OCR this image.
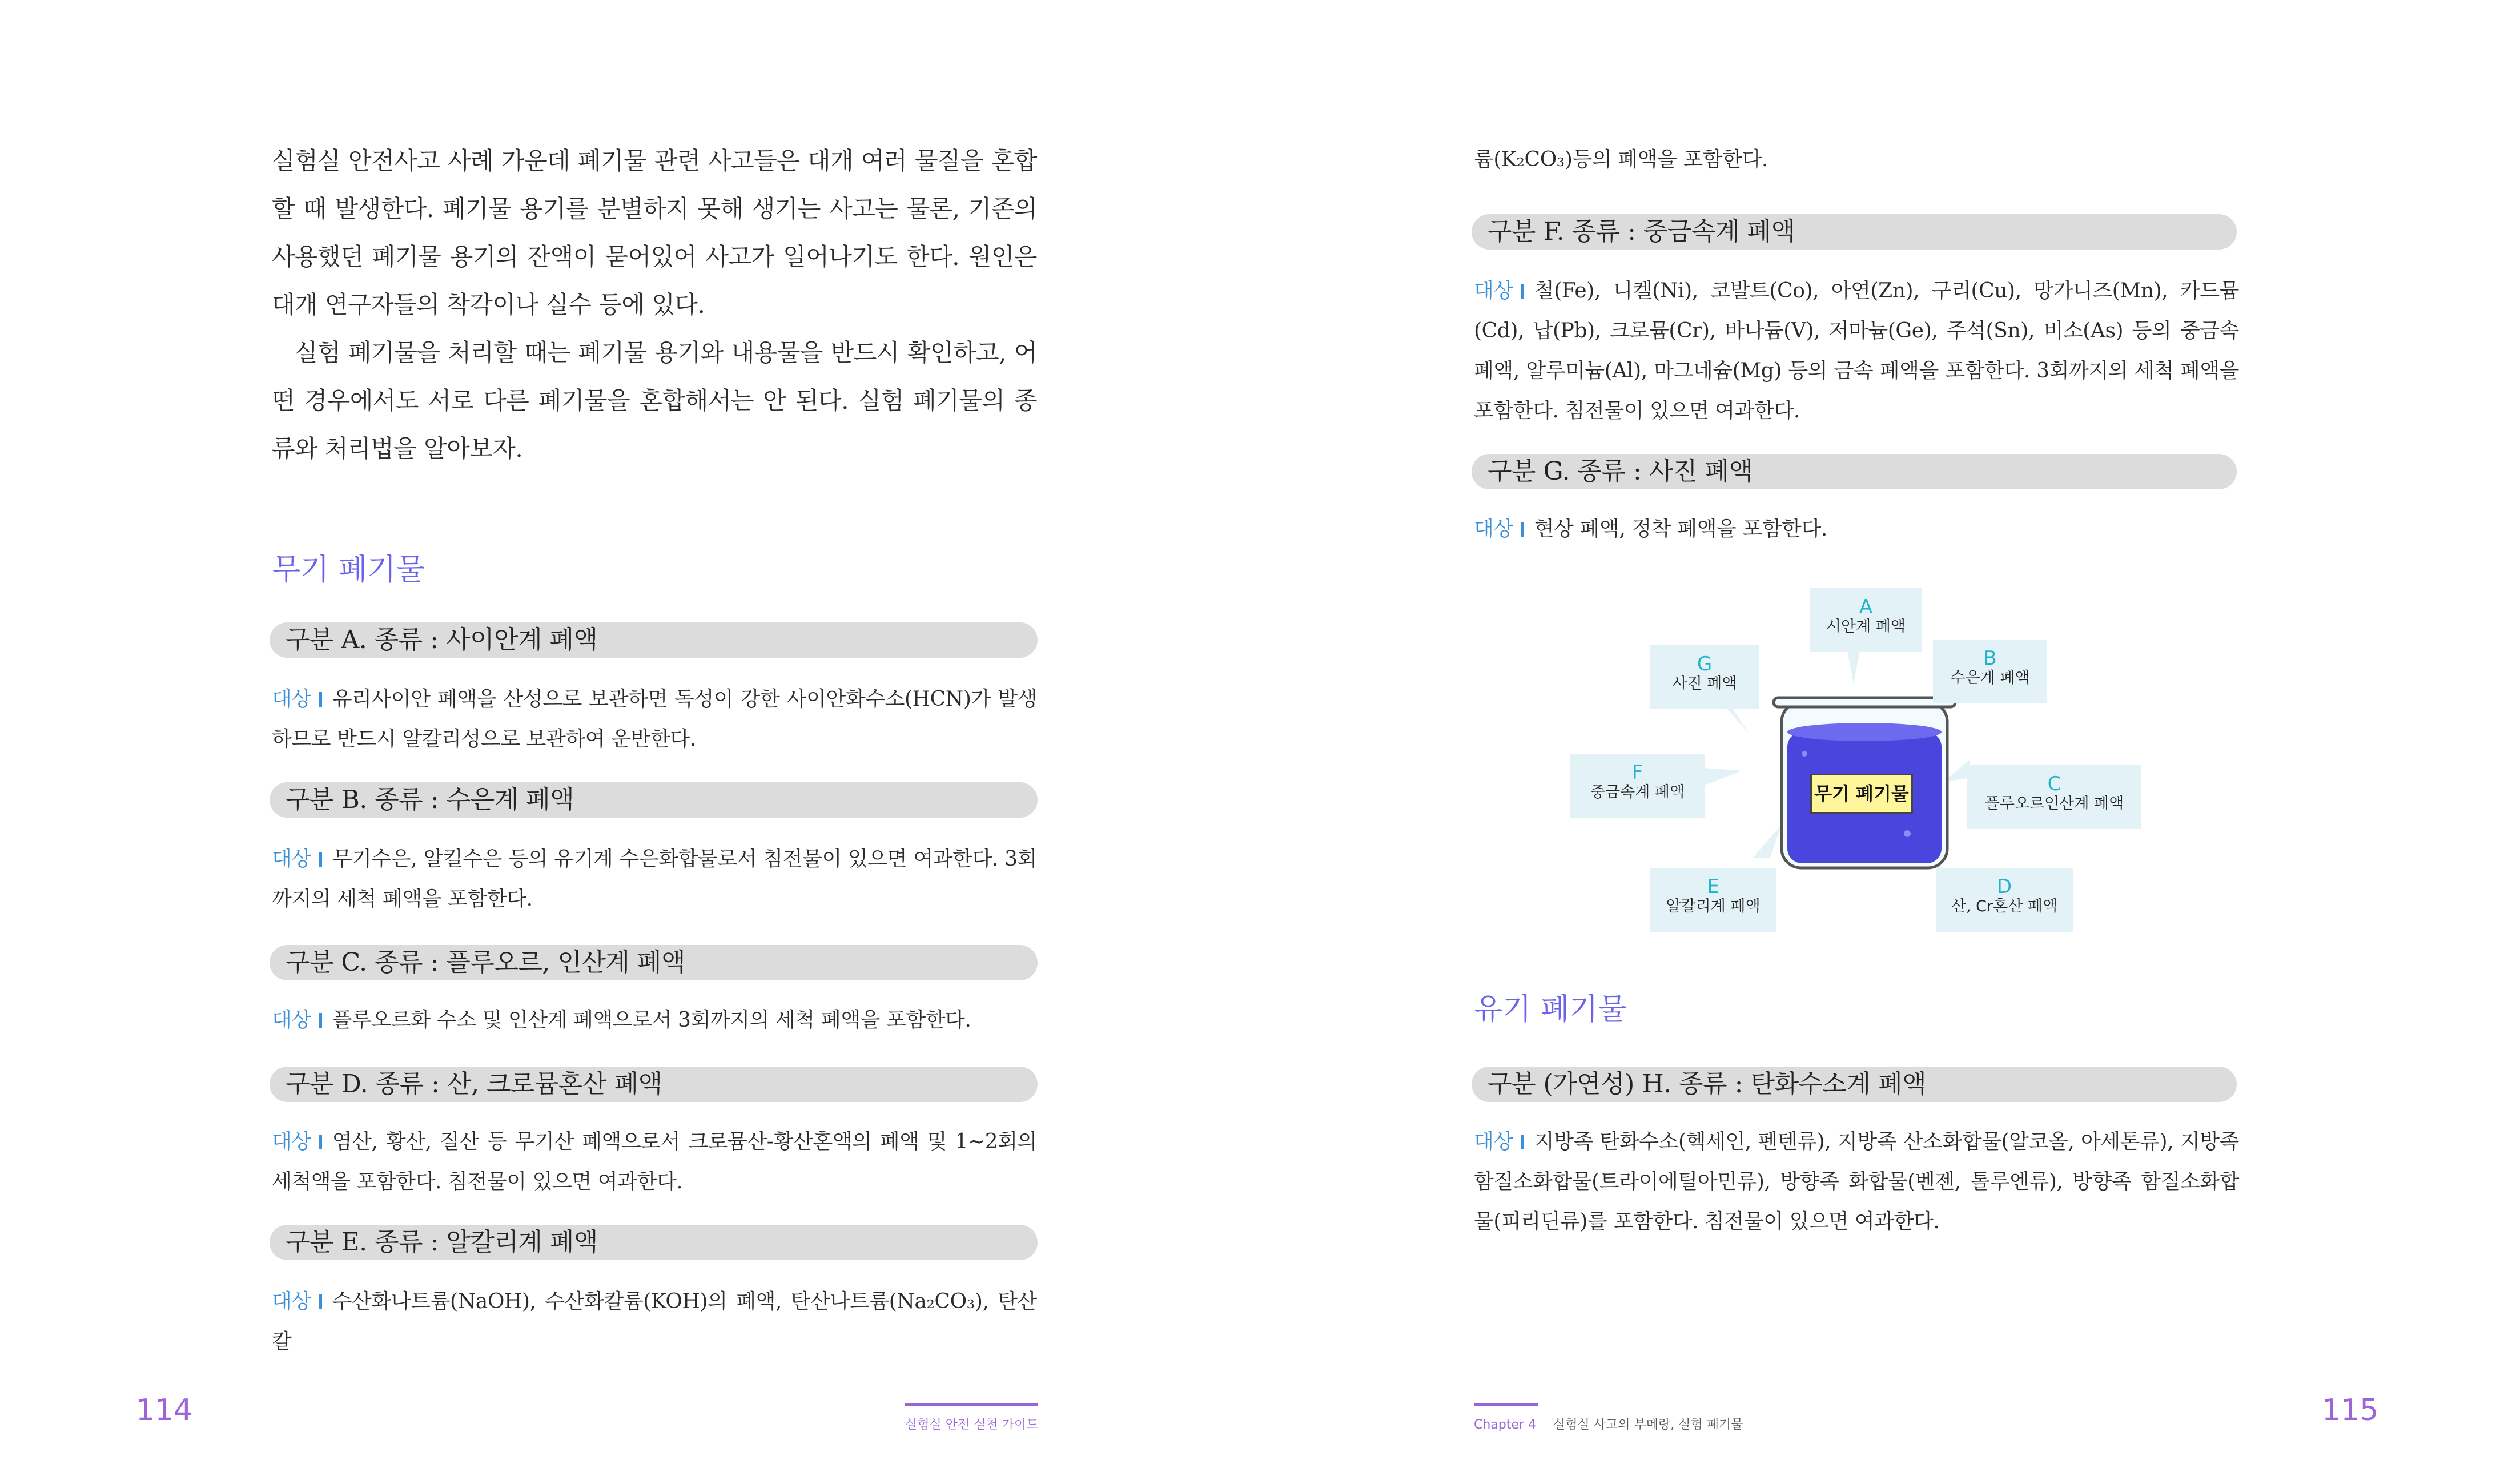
실험실 안전사고 사례 가운데 폐기물 관련 사고들은 대개 여러 물질을 혼합할 때 발생한다. 폐기물 용기를 분별하지 못해 생기는 사고는 물론, 기존의 사용했던 폐기물 용기의 잔액이 묻어있어 사고가 일어나기도 한다. 원인은 대개 연구자들의 착각이나 실수 등에 있다.

실험 폐기물을 처리할 때는 폐기물 용기와 내용물을 반드시 확인하고, 어떤 경우에서도 서로 다른 폐기물을 혼합해서는 안 된다. 실험 폐기물의 종류와 처리법을 알아보자.

무기 폐기물
구분 A. 종류 : 사이안계 폐액
대상 유리사이안 폐액을 산성으로 보관하면 독성이 강한 사이안화수소(HCN)가 발생하므로 반드시 알칼리성으로 보관하여 운반한다.
구분 B. 종류 : 수은계 폐액
대상 무기수은, 알킬수은 등의 유기계 수은화합물로서 침전물이 있으면 여과한다. 3회까지의 세척 폐액을 포함한다.
구분 C. 종류 : 플루오르, 인산계 폐액
대상 플루오르화 수소 및 인산계 폐액으로서 3회까지의 세척 폐액을 포함한다.
구분 D. 종류 : 산, 크로뮴혼산 폐액
대상 염산, 황산, 질산 등 무기산 폐액으로서 크로뮴산-황산혼액의 폐액 및 1~2회의 세척액을 포함한다. 침전물이 있으면 여과한다.
구분 E. 종류 : 알칼리계 폐액
대상 수산화나트륨(NaOH), 수산화칼륨(KOH)의 폐액, 탄산나트륨(Na₂CO₃), 탄산칼
114	실험실 안전 실천 가이드
륨(K₂CO₃)등의 폐액을 포함한다.
구분 F. 종류 : 중금속계 폐액
대상 철(Fe), 니켈(Ni), 코발트(Co), 아연(Zn), 구리(Cu), 망가니즈(Mn), 카드뮴(Cd), 납(Pb), 크로뮴(Cr), 바나듐(V), 저마늄(Ge), 주석(Sn), 비소(As) 등의 중금속 폐액, 알루미늄(Al), 마그네슘(Mg) 등의 금속 폐액을 포함한다. 3회까지의 세척 폐액을 포함한다. 침전물이 있으면 여과한다.
구분 G. 종류 : 사진 폐액
대상 현상 폐액, 정착 폐액을 포함한다.
유기 폐기물
구분 (가연성) H. 종류 : 탄화수소계 폐액
대상 지방족 탄화수소(헥세인, 펜텐류), 지방족 산소화합물(알코올, 아세톤류), 지방족 함질소화합물(트라이에틸아민류), 방향족 화합물(벤젠, 톨루엔류), 방향족 함질소화합물(피리딘류)를 포함한다. 침전물이 있으면 여과한다.
Chapter 4 실험실 사고의 부메랑, 실험 폐기물	115
무기 폐기물
A
시안계 폐액
B
수은계 폐액
C
플루오르인산계 폐액
D
산, Cr혼산 폐액
E
알칼리계 폐액
F
중금속계 폐액
G
사진 폐액
